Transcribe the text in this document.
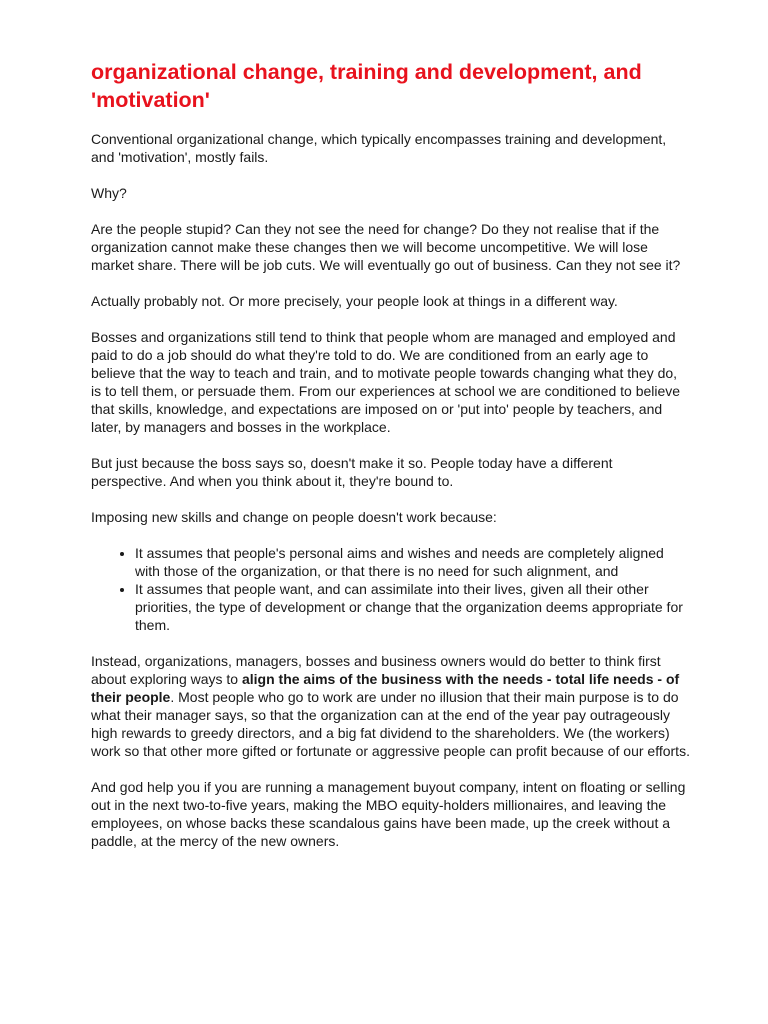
organizational change, training and development, and 'motivation'

Conventional organizational change, which typically encompasses training and development, and 'motivation', mostly fails.

Why?

Are the people stupid? Can they not see the need for change? Do they not realise that if the organization cannot make these changes then we will become uncompetitive. We will lose market share. There will be job cuts. We will eventually go out of business. Can they not see it?

Actually probably not. Or more precisely, your people look at things in a different way.

Bosses and organizations still tend to think that people whom are managed and employed and paid to do a job should do what they're told to do. We are conditioned from an early age to believe that the way to teach and train, and to motivate people towards changing what they do, is to tell them, or persuade them. From our experiences at school we are conditioned to believe that skills, knowledge, and expectations are imposed on or 'put into' people by teachers, and later, by managers and bosses in the workplace.

But just because the boss says so, doesn't make it so. People today have a different perspective. And when you think about it, they're bound to.

Imposing new skills and change on people doesn't work because:

• It assumes that people's personal aims and wishes and needs are completely aligned with those of the organization, or that there is no need for such alignment, and
• It assumes that people want, and can assimilate into their lives, given all their other priorities, the type of development or change that the organization deems appropriate for them.

Instead, organizations, managers, bosses and business owners would do better to think first about exploring ways to align the aims of the business with the needs - total life needs - of their people. Most people who go to work are under no illusion that their main purpose is to do what their manager says, so that the organization can at the end of the year pay outrageously high rewards to greedy directors, and a big fat dividend to the shareholders. We (the workers) work so that other more gifted or fortunate or aggressive people can profit because of our efforts.

And god help you if you are running a management buyout company, intent on floating or selling out in the next two-to-five years, making the MBO equity-holders millionaires, and leaving the employees, on whose backs these scandalous gains have been made, up the creek without a paddle, at the mercy of the new owners.
